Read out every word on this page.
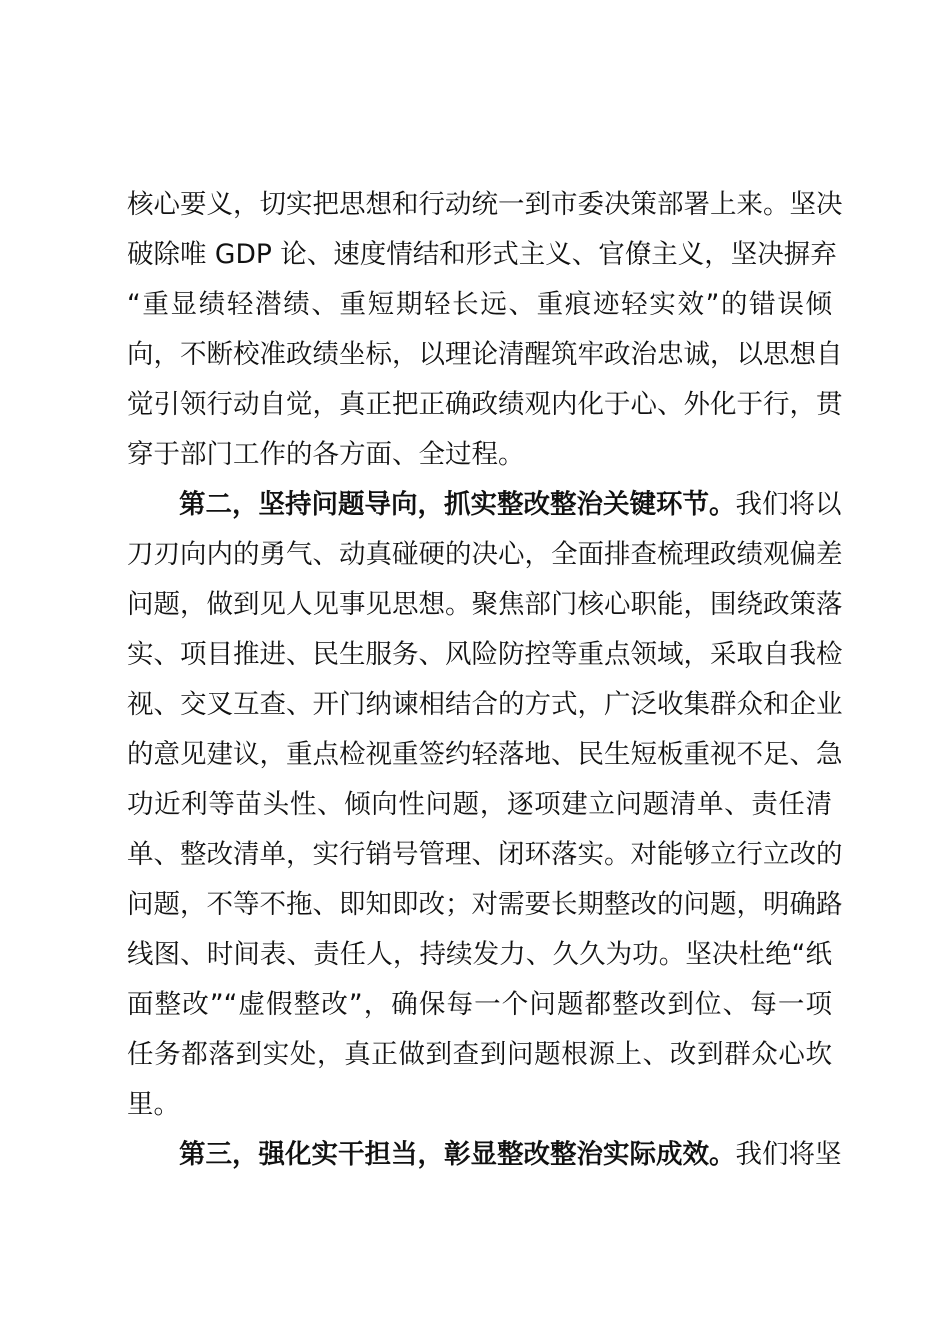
核心要义，切实把思想和行动统一到市委决策部署上来。坚决
破除唯 GDP 论、速度情结和形式主义、官僚主义，坚决摒弃
“重显绩轻潜绩、重短期轻长远、重痕迹轻实效”的错误倾
向，不断校准政绩坐标，以理论清醒筑牢政治忠诚，以思想自
觉引领行动自觉，真正把正确政绩观内化于心、外化于行，贯
穿于部门工作的各方面、全过程。
第二，坚持问题导向，抓实整改整治关键环节。我们将以
刀刃向内的勇气、动真碰硬的决心，全面排查梳理政绩观偏差
问题，做到见人见事见思想。聚焦部门核心职能，围绕政策落
实、项目推进、民生服务、风险防控等重点领域，采取自我检
视、交叉互查、开门纳谏相结合的方式，广泛收集群众和企业
的意见建议，重点检视重签约轻落地、民生短板重视不足、急
功近利等苗头性、倾向性问题，逐项建立问题清单、责任清
单、整改清单，实行销号管理、闭环落实。对能够立行立改的
问题，不等不拖、即知即改；对需要长期整改的问题，明确路
线图、时间表、责任人，持续发力、久久为功。坚决杜绝“纸
面整改”“虚假整改”，确保每一个问题都整改到位、每一项
任务都落到实处，真正做到查到问题根源上、改到群众心坎
里。
第三，强化实干担当，彰显整改整治实际成效。我们将坚
